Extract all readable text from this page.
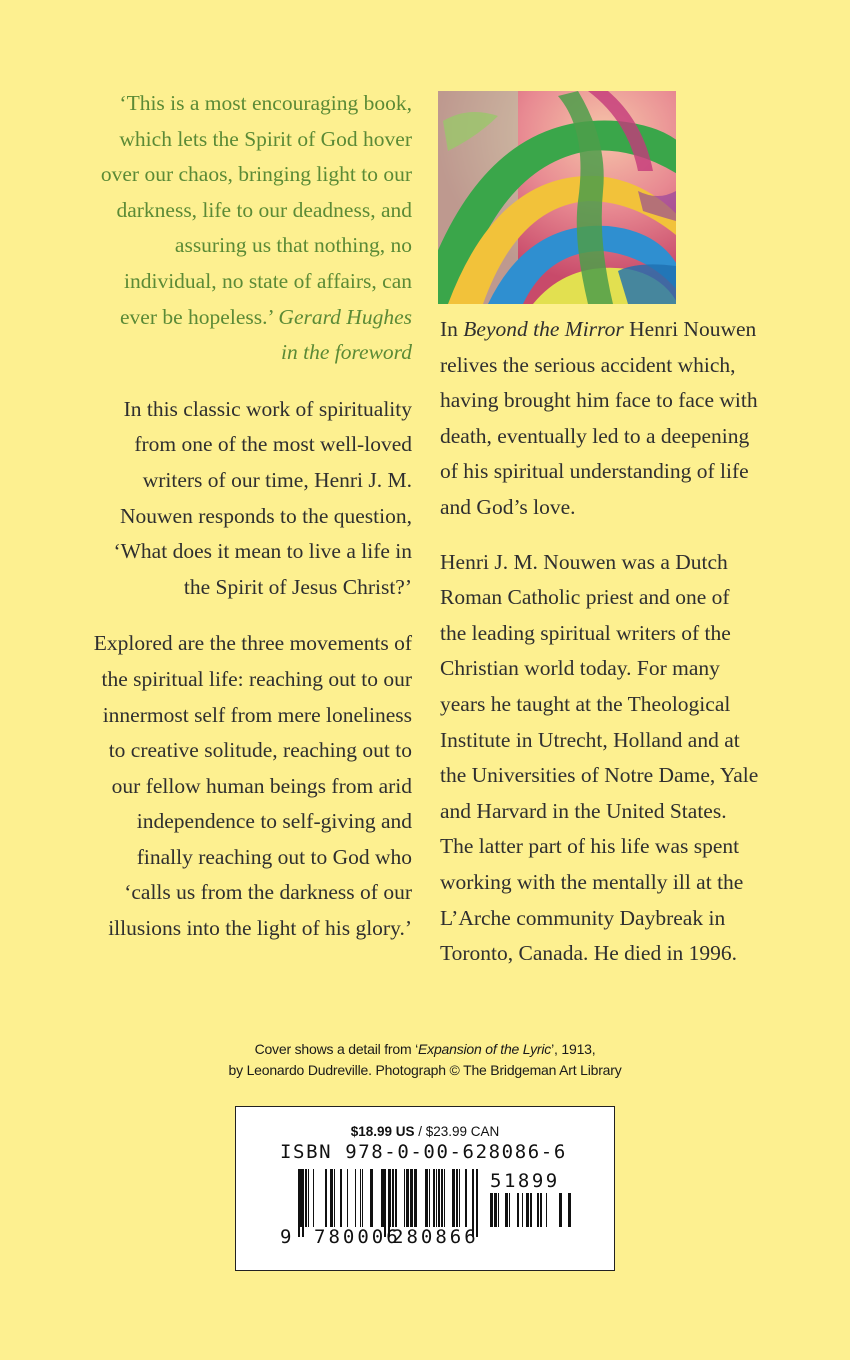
‘This is a most encouraging book,
which lets the Spirit of God hover
over our chaos, bringing light to our
darkness, life to our deadness, and
assuring us that nothing, no
individual, no state of affairs, can
ever be hopeless.’ Gerard Hughes
in the foreword
In this classic work of spirituality
from one of the most well-loved
writers of our time, Henri J. M.
Nouwen responds to the question,
‘What does it mean to live a life in
the Spirit of Jesus Christ?’
Explored are the three movements of
the spiritual life: reaching out to our
innermost self from mere loneliness
to creative solitude, reaching out to
our fellow human beings from arid
independence to self-giving and
finally reaching out to God who
‘calls us from the darkness of our
illusions into the light of his glory.’
In Beyond the Mirror Henri Nouwen
relives the serious accident which,
having brought him face to face with
death, eventually led to a deepening
of his spiritual understanding of life
and God’s love.
Henri J. M. Nouwen was a Dutch
Roman Catholic priest and one of
the leading spiritual writers of the
Christian world today. For many
years he taught at the Theological
Institute in Utrecht, Holland and at
the Universities of Notre Dame, Yale
and Harvard in the United States.
The latter part of his life was spent
working with the mentally ill at the
L’Arche community Daybreak in
Toronto, Canada. He died in 1996.
Cover shows a detail from ‘Expansion of the Lyric’, 1913,
by Leonardo Dudreville. Photograph © The Bridgeman Art Library
$18.99 US / $23.99 CAN
ISBN 978-0-00-628086-6
51899
9 780006
280866
